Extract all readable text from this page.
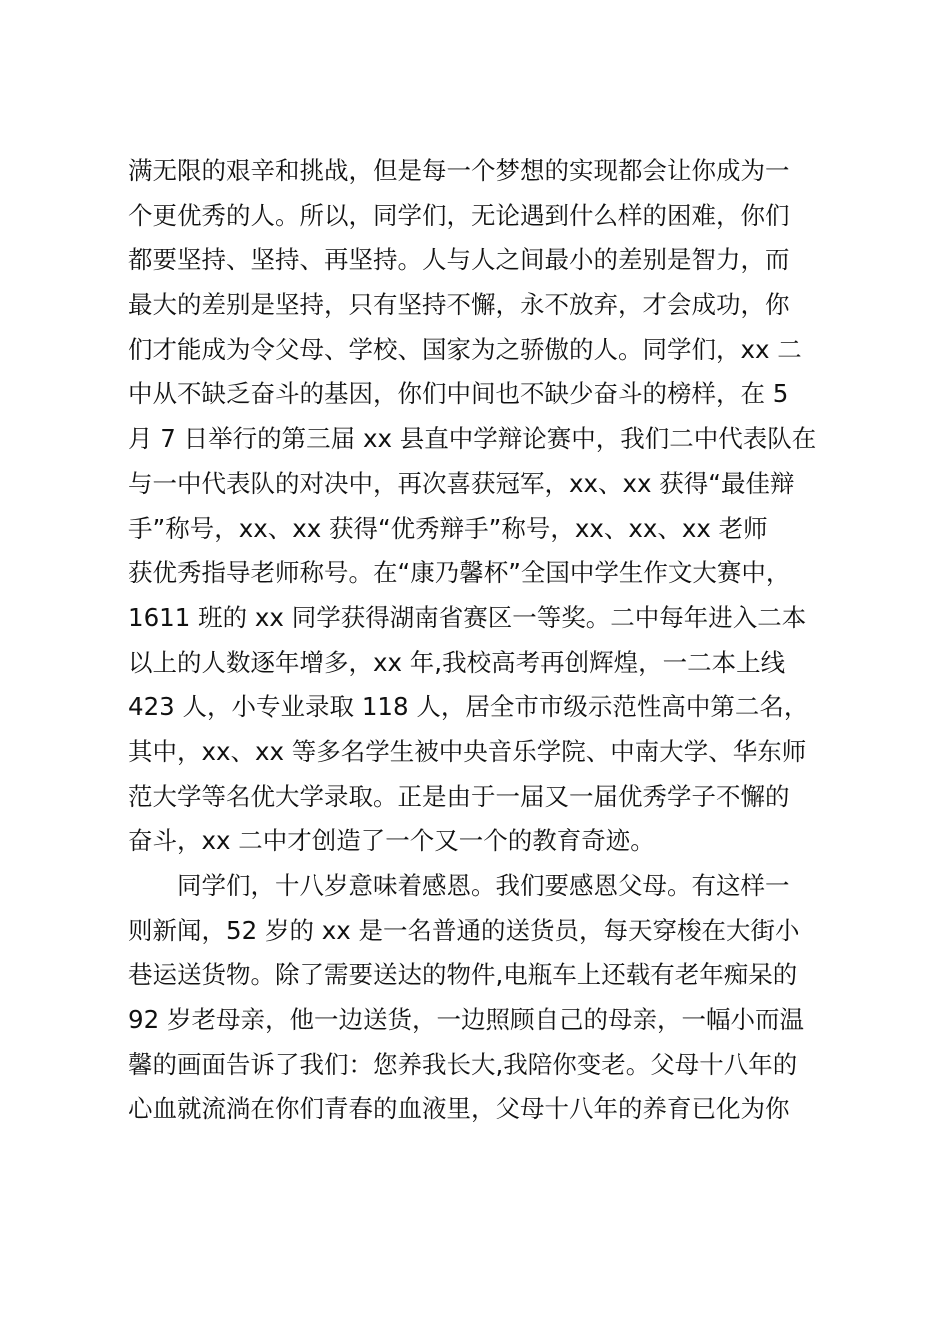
满无限的艰辛和挑战，但是每一个梦想的实现都会让你成为一
个更优秀的人。所以，同学们，无论遇到什么样的困难，你们
都要坚持、坚持、再坚持。人与人之间最小的差别是智力，而
最大的差别是坚持，只有坚持不懈，永不放弃，才会成功，你
们才能成为令父母、学校、国家为之骄傲的人。同学们，xx 二
中从不缺乏奋斗的基因，你们中间也不缺少奋斗的榜样，在 5
月 7 日举行的第三届 xx 县直中学辩论赛中，我们二中代表队在
与一中代表队的对决中，再次喜获冠军，xx、xx 获得“最佳辩
手”称号，xx、xx 获得“优秀辩手”称号，xx、xx、xx 老师
获优秀指导老师称号。在“康乃馨杯”全国中学生作文大赛中，
1611 班的 xx 同学获得湖南省赛区一等奖。二中每年进入二本
以上的人数逐年增多，xx 年,我校高考再创辉煌，一二本上线
423 人，小专业录取 118 人，居全市市级示范性高中第二名，
其中，xx、xx 等多名学生被中央音乐学院、中南大学、华东师
范大学等名优大学录取。正是由于一届又一届优秀学子不懈的
奋斗，xx 二中才创造了一个又一个的教育奇迹。
同学们，十八岁意味着感恩。我们要感恩父母。有这样一
则新闻，52 岁的 xx 是一名普通的送货员，每天穿梭在大街小
巷运送货物。除了需要送达的物件,电瓶车上还载有老年痴呆的
92 岁老母亲，他一边送货，一边照顾自己的母亲，一幅小而温
馨的画面告诉了我们：您养我长大,我陪你变老。父母十八年的
心血就流淌在你们青春的血液里，父母十八年的养育已化为你
